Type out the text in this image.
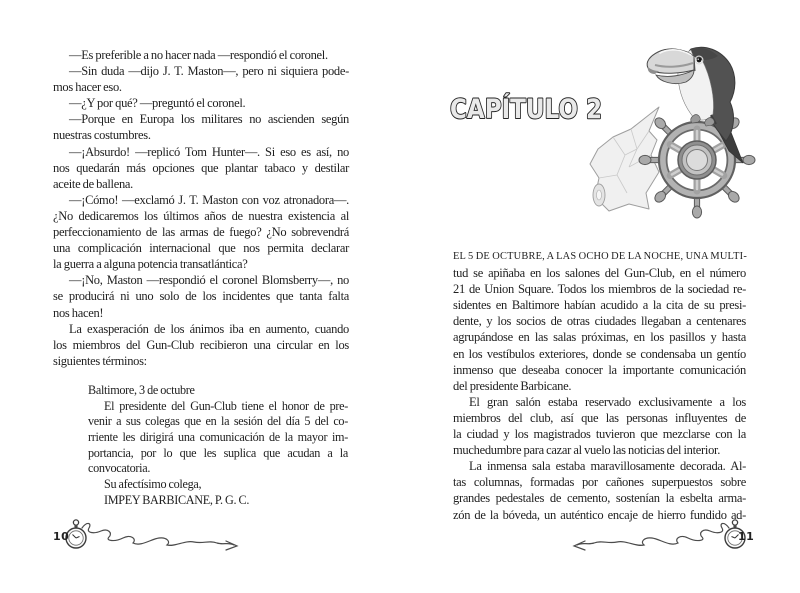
—Es preferible a no hacer nada —respondió el coronel.
—Sin duda —dijo J. T. Maston—, pero ni siquiera pode-
mos hacer eso.
—¿Y por qué? —preguntó el coronel.
—Porque en Europa los militares no ascienden según
nuestras costumbres.
—¡Absurdo! —replicó Tom Hunter—. Si eso es así, no
nos quedarán más opciones que plantar tabaco y destilar
aceite de ballena.
—¡Cómo! —exclamó J. T. Maston con voz atronadora—.
¿No dedicaremos los últimos años de nuestra existencia al
perfeccionamiento de las armas de fuego? ¿No sobrevendrá
una complicación internacional que nos permita declarar
la guerra a alguna potencia transatlántica?
—¡No, Maston —respondió el coronel Blomsberry—, no
se producirá ni uno solo de los incidentes que tanta falta
nos hacen!
La exasperación de los ánimos iba en aumento, cuando
los miembros del Gun-Club recibieron una circular en los
siguientes términos:
Baltimore, 3 de octubre
El presidente del Gun-Club tiene el honor de pre-
venir a sus colegas que en la sesión del día 5 del co-
rriente les dirigirá una comunicación de la mayor im-
portancia, por lo que les suplica que acudan a la
convocatoria.
Su afectísimo colega,
IMPEY BARBICANE, P. G. C.
10
CAPÍTULO 2
EL 5 DE OCTUBRE, A LAS OCHO DE LA NOCHE, UNA MULTI-
tud se apiñaba en los salones del Gun-Club, en el número
21 de Union Square. Todos los miembros de la sociedad re-
sidentes en Baltimore habían acudido a la cita de su presi-
dente, y los socios de otras ciudades llegaban a centenares
agrupándose en las salas próximas, en los pasillos y hasta
en los vestíbulos exteriores, donde se condensaba un gentío
inmenso que deseaba conocer la importante comunicación
del presidente Barbicane.
El gran salón estaba reservado exclusivamente a los
miembros del club, así que las personas influyentes de
la ciudad y los magistrados tuvieron que mezclarse con la
muchedumbre para cazar al vuelo las noticias del interior.
La inmensa sala estaba maravillosamente decorada. Al-
tas columnas, formadas por cañones superpuestos sobre
grandes pedestales de cemento, sostenían la esbelta arma-
zón de la bóveda, un auténtico encaje de hierro fundido ad-
11
